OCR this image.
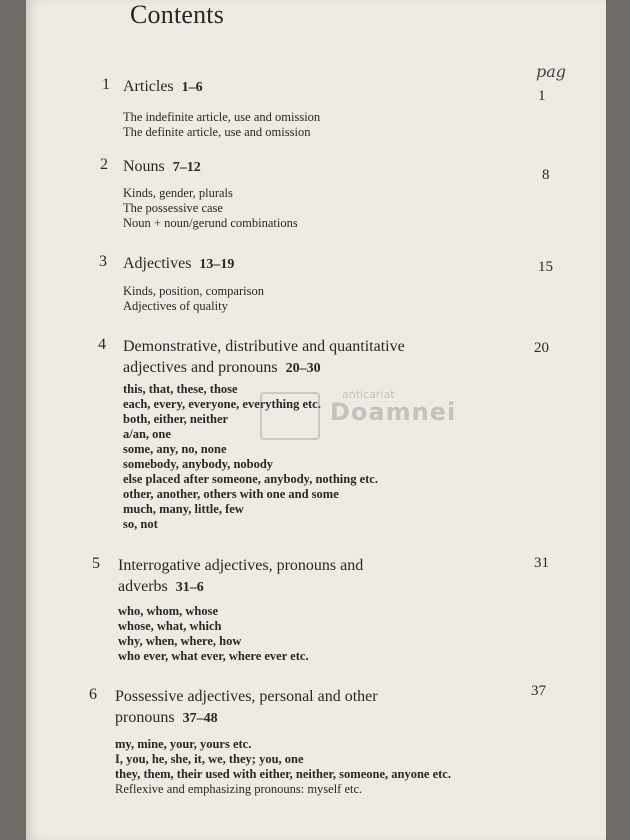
Contents
pag
1 Articles 1–6
1
The indefinite article, use and omission
The definite article, use and omission
2 Nouns 7–12	8
Kinds, gender, plurals
The possessive case
Noun + noun/gerund combinations
3 Adjectives 13–19	15
Kinds, position, comparison
Adjectives of quality
4 Demonstrative, distributive and quantitative
adjectives and pronouns 20–30
20
this, that, these, those
each, every, everyone, everything etc.
both, either, neither
a/an, one
some, any, no, none
somebody, anybody, nobody
else placed after someone, anybody, nothing etc.
other, another, others with one and some
much, many, little, few
so, not
5 Interrogative adjectives, pronouns and
adverbs 31–6
31
who, whom, whose
whose, what, which
why, when, where, how
who ever, what ever, where ever etc.
6 Possessive adjectives, personal and other
pronouns 37–48
37
my, mine, your, yours etc.
I, you, he, she, it, we, they; you, one
they, them, their used with either, neither, someone, anyone etc.
Reflexive and emphasizing pronouns: myself etc.
anticariat
Doamnei
